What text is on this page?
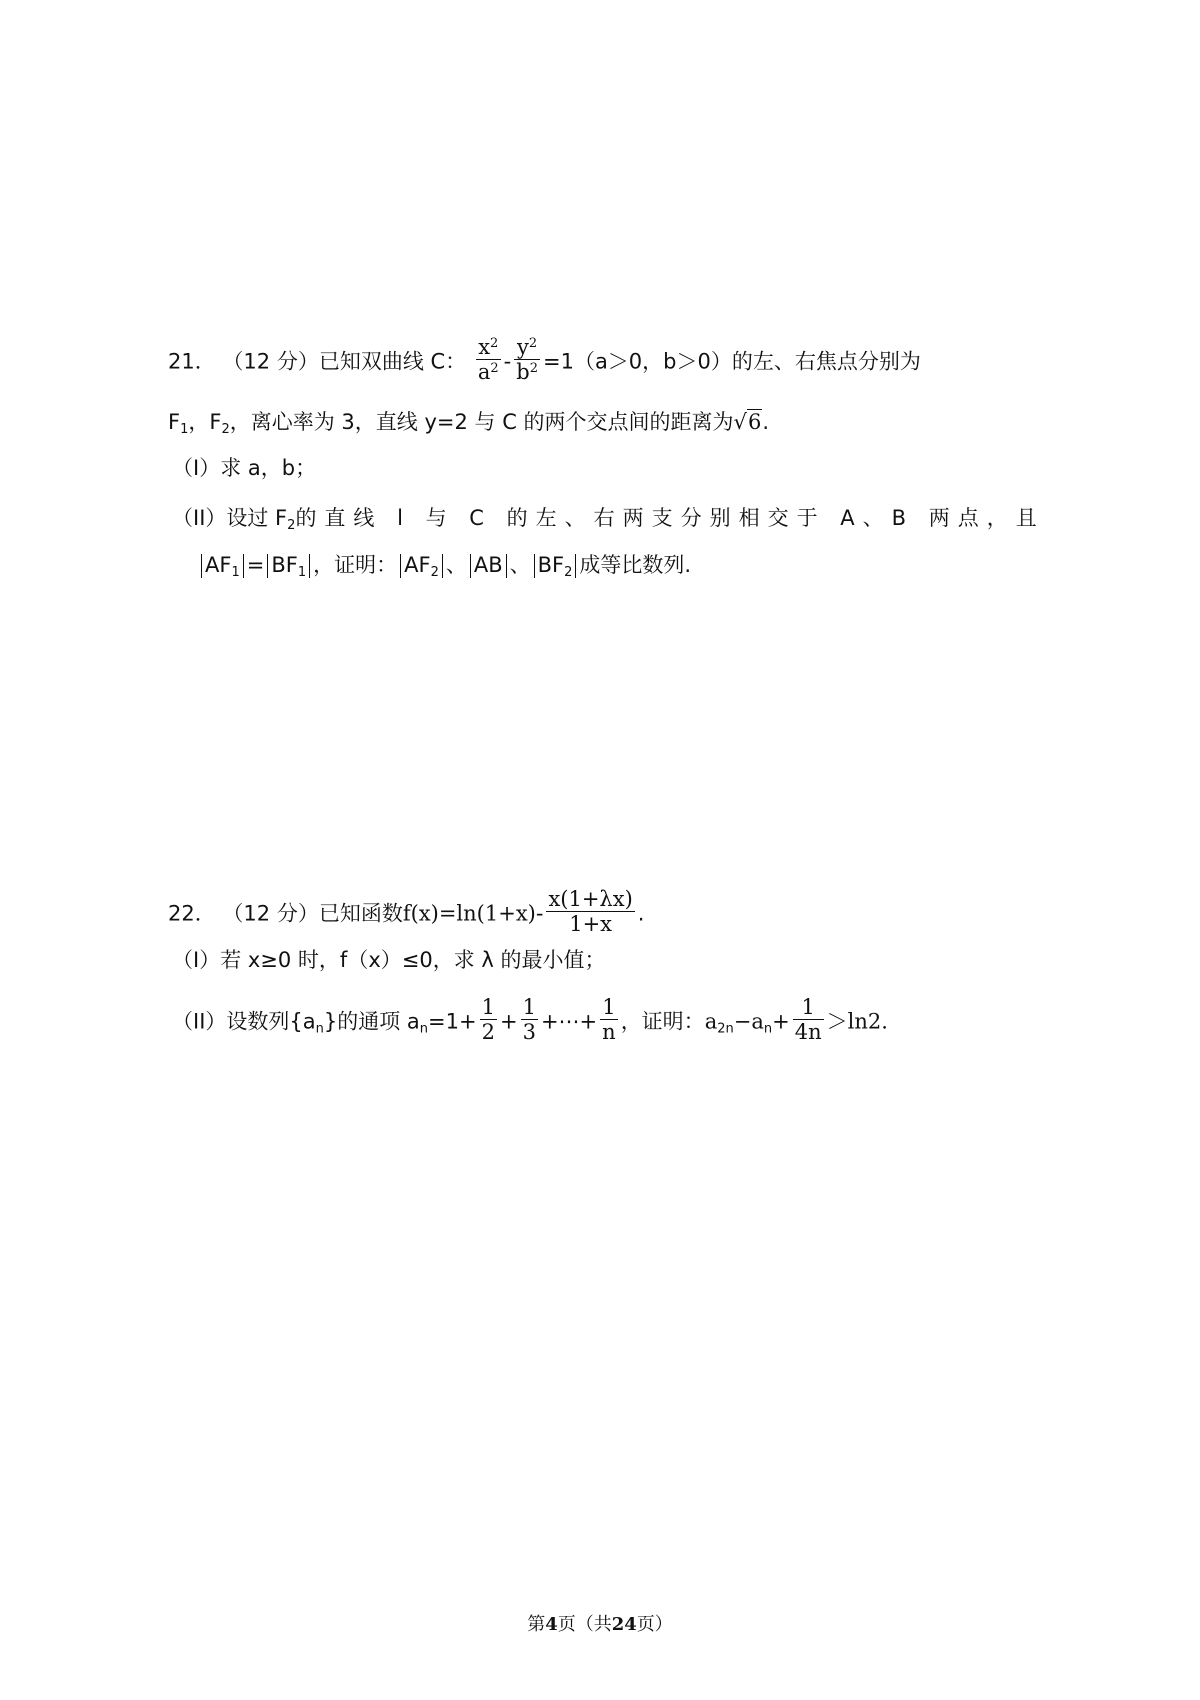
21． （12 分）已知双曲线 C： $\frac{x^2}{a^2} - \frac{y^2}{b^2} =1(a>0$，b＞0）的左、右焦点分别为
$F_1$，$F_2$，离心率为 3，直线 y=2 与 C 的两个交点间的距离为√6.
（I）求 a，b；
（II）设过 $F_2$的直线 l 与 C 的左、右两支分别相交于 A、B 两点，且
$AF_1 = BF_1$ ，证明： $AF_2$ 、 AB 、 $BF_2$ 成等比数列.
22． （12 分）已知函数$f(x)=\ln(1+x)- \frac{x(1+\lambda x)}{1+x}$ .
（I）若 x≥0 时，f（x）≤0，求 λ 的最小值；
（II）设数列$\{a_n\}$的通项 $a_n=1+ \frac{1}{2} + \frac{1}{3}$ +⋯+ $\frac{1}{n}$ ，证明：$a_{2n}-a_n+ \frac{1}{4n} >\ln 2$.
第4页（共24页）
